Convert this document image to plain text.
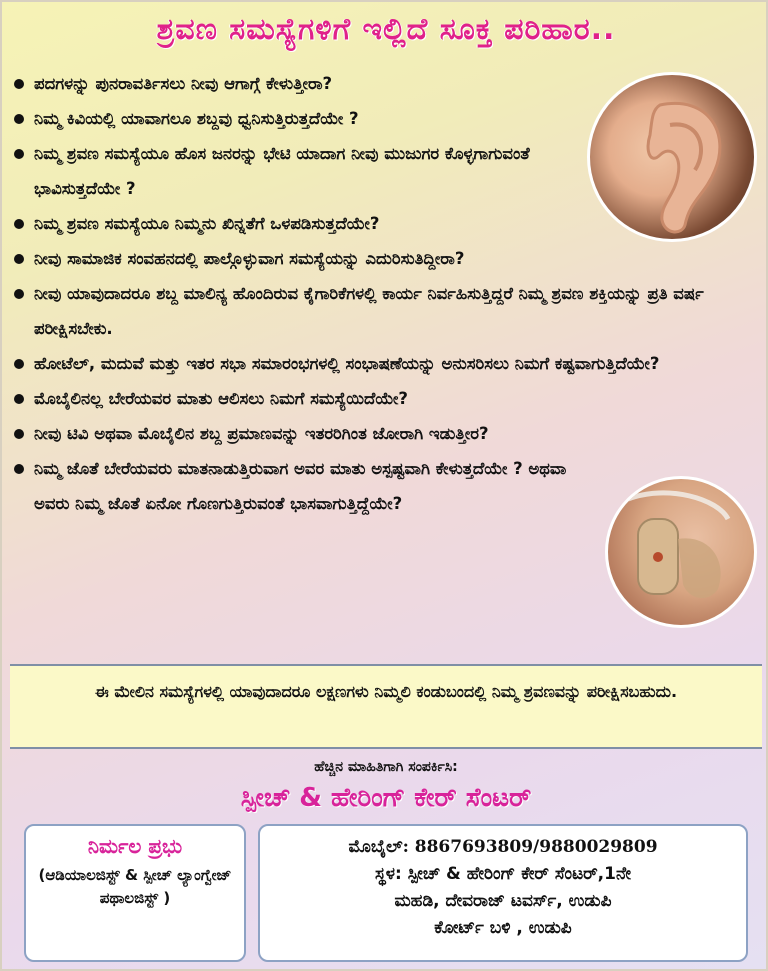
ಶ್ರವಣ ಸಮಸ್ಯೆಗಳಿಗೆ ಇಲ್ಲಿದೆ ಸೂಕ್ತ ಪರಿಹಾರ..
ಪದಗಳನ್ನು ಪುನರಾವರ್ತಿಸಲು ನೀವು ಆಗಾಗ್ಗೆ ಕೇಳುತ್ತೀರಾ?
ನಿಮ್ಮ ಕಿವಿಯಲ್ಲಿ ಯಾವಾಗಲೂ ಶಬ್ದವು ಧ್ವನಿಸುತ್ತಿರುತ್ತದೆಯೇ ?
ನಿಮ್ಮ ಶ್ರವಣ ಸಮಸ್ಯೆಯೂ ಹೊಸ ಜನರನ್ನು ಭೇಟಿ ಯಾದಾಗ ನೀವು ಮುಜುಗರ ಕೊಳ್ಳಗಾಗುವಂತೆ ಭಾವಿಸುತ್ತದೆಯೇ ?
ನಿಮ್ಮ ಶ್ರವಣ ಸಮಸ್ಯೆಯೂ ನಿಮ್ಮನು ಖಿನ್ನತೆಗೆ ಒಳಪಡಿಸುತ್ತದೆಯೇ?
ನೀವು ಸಾಮಾಜಿಕ ಸಂವಹನದಲ್ಲಿ ಪಾಲ್ಗೊಳ್ಳುವಾಗ ಸಮಸ್ಯೆಯನ್ನು ಎದುರಿಸುತಿದ್ದೀರಾ?
ನೀವು ಯಾವುದಾದರೂ ಶಬ್ದ ಮಾಲಿನ್ಯ ಹೊಂದಿರುವ ಕೈಗಾರಿಕೆಗಳಲ್ಲಿ ಕಾರ್ಯ ನಿರ್ವಹಿಸುತ್ತಿದ್ದರೆ ನಿಮ್ಮ ಶ್ರವಣ ಶಕ್ತಿಯನ್ನು ಪ್ರತಿ ವರ್ಷ ಪರೀಕ್ಷಿಸಬೇಕು.
ಹೋಟೆಲ್, ಮದುವೆ ಮತ್ತು ಇತರ ಸಭಾ ಸಮಾರಂಭಗಳಲ್ಲಿ ಸಂಭಾಷಣೆಯನ್ನು ಅನುಸರಿಸಲು ನಿಮಗೆ ಕಷ್ಟವಾಗುತ್ತಿದೆಯೇ?
ಮೊಬೈಲಿನಲ್ಲ ಬೇರೆಯವರ ಮಾತು ಆಲಿಸಲು ನಿಮಗೆ ಸಮಸ್ಯೆಯಿದೆಯೇ?
ನೀವು ಟಿವಿ ಅಥವಾ ಮೊಬೈಲಿನ ಶಬ್ದ ಪ್ರಮಾಣವನ್ನು ಇತರರಿಗಿಂತ ಜೋರಾಗಿ ಇಡುತ್ತೀರ?
ನಿಮ್ಮ ಜೊತೆ ಬೇರೆಯವರು ಮಾತನಾಡುತ್ತಿರುವಾಗ ಅವರ ಮಾತು ಅಸ್ಪಷ್ಟವಾಗಿ ಕೇಳುತ್ತದೆಯೇ ? ಅಥವಾ ಅವರು ನಿಮ್ಮ ಜೊತೆ ಏನೋ ಗೊಣಗುತ್ತಿರುವಂತೆ ಭಾಸವಾಗುತ್ತಿದ್ದೆಯೇ?
ಈ ಮೇಲಿನ ಸಮಸ್ಯೆಗಳಲ್ಲಿ ಯಾವುದಾದರೂ ಲಕ್ಷಣಗಳು ನಿಮ್ಮಲಿ ಕಂಡುಬಂದಲ್ಲಿ ನಿಮ್ಮ ಶ್ರವಣವನ್ನು ಪರೀಕ್ಷಿಸಬಹುದು.
ಹೆಚ್ಚಿನ ಮಾಹಿತಿಗಾಗಿ ಸಂಪರ್ಕಿಸಿ:
ಸ್ಪೀಚ್ & ಹೇರಿಂಗ್ ಕೇರ್ ಸೆಂಟರ್
ನಿರ್ಮಲ ಪ್ರಭು
(ಆಡಿಯಾಲಜಿಸ್ಟ್ & ಸ್ಪೀಚ್ ಲ್ಯಾಂಗ್ವೇಜ್ ಪಥಾಲಜಿಸ್ಟ್ )
ಮೊಬೈಲ್: 8867693809/9880029809
ಸ್ಥಳ: ಸ್ಪೀಚ್ & ಹೇರಿಂಗ್ ಕೇರ್ ಸೆಂಟರ್,1ನೇ
ಮಹಡಿ, ದೇವರಾಜ್ ಟವರ್ಸ್, ಉಡುಪಿ
ಕೋರ್ಟ್ ಬಳಿ , ಉಡುಪಿ
